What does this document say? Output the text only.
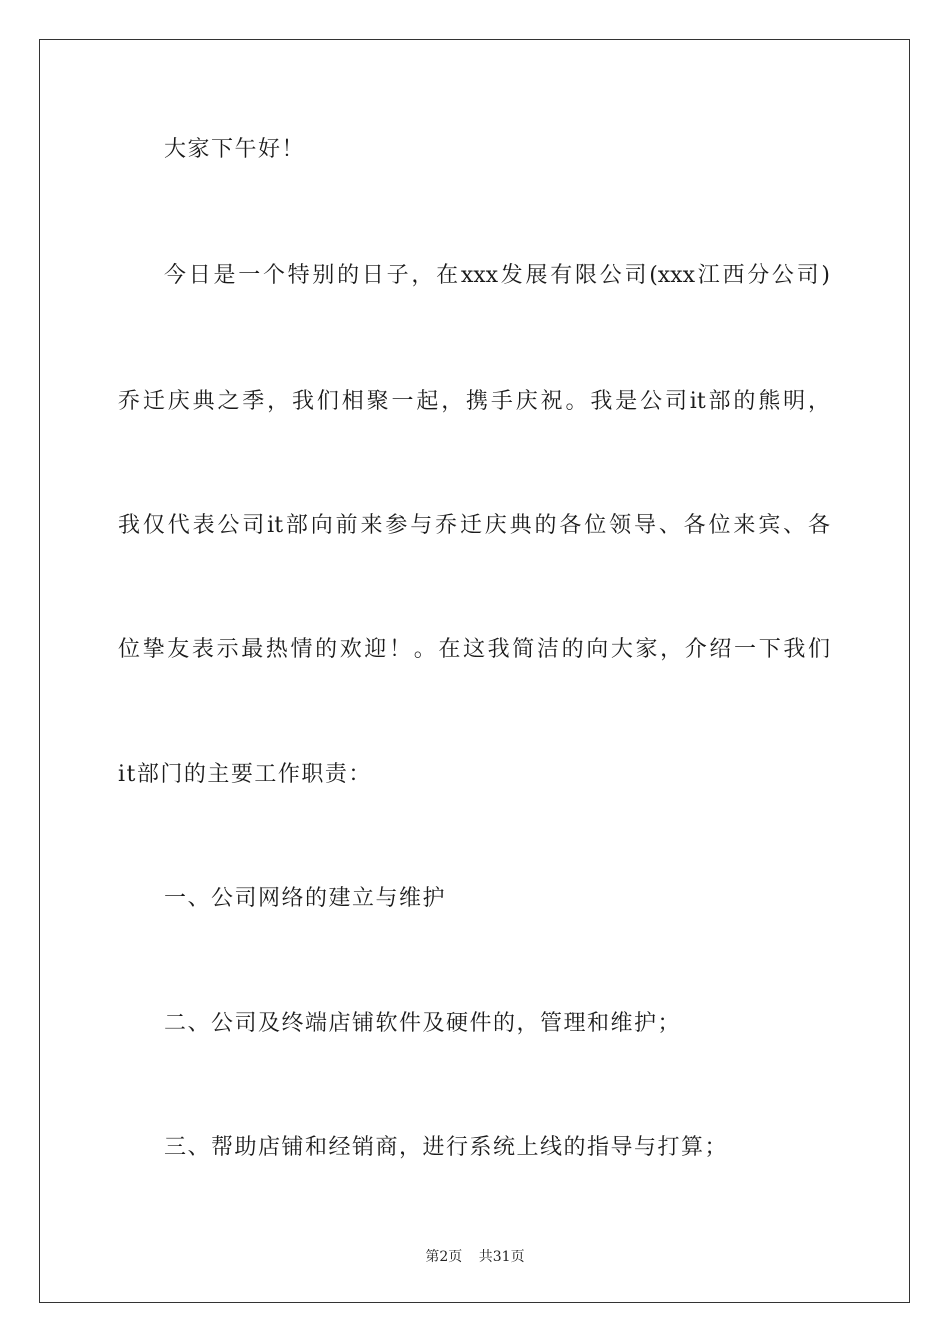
大家下午好！
今日是一个特别的日子，在xxx发展有限公司(xxx江西分公司)
乔迁庆典之季，我们相聚一起，携手庆祝。我是公司it部的熊明，
我仅代表公司it部向前来参与乔迁庆典的各位领导、各位来宾、各
位挚友表示最热情的欢迎！。在这我简洁的向大家，介绍一下我们
it部门的主要工作职责：
一、公司网络的建立与维护
二、公司及终端店铺软件及硬件的，管理和维护；
三、帮助店铺和经销商，进行系统上线的指导与打算；
第2页 共31页
